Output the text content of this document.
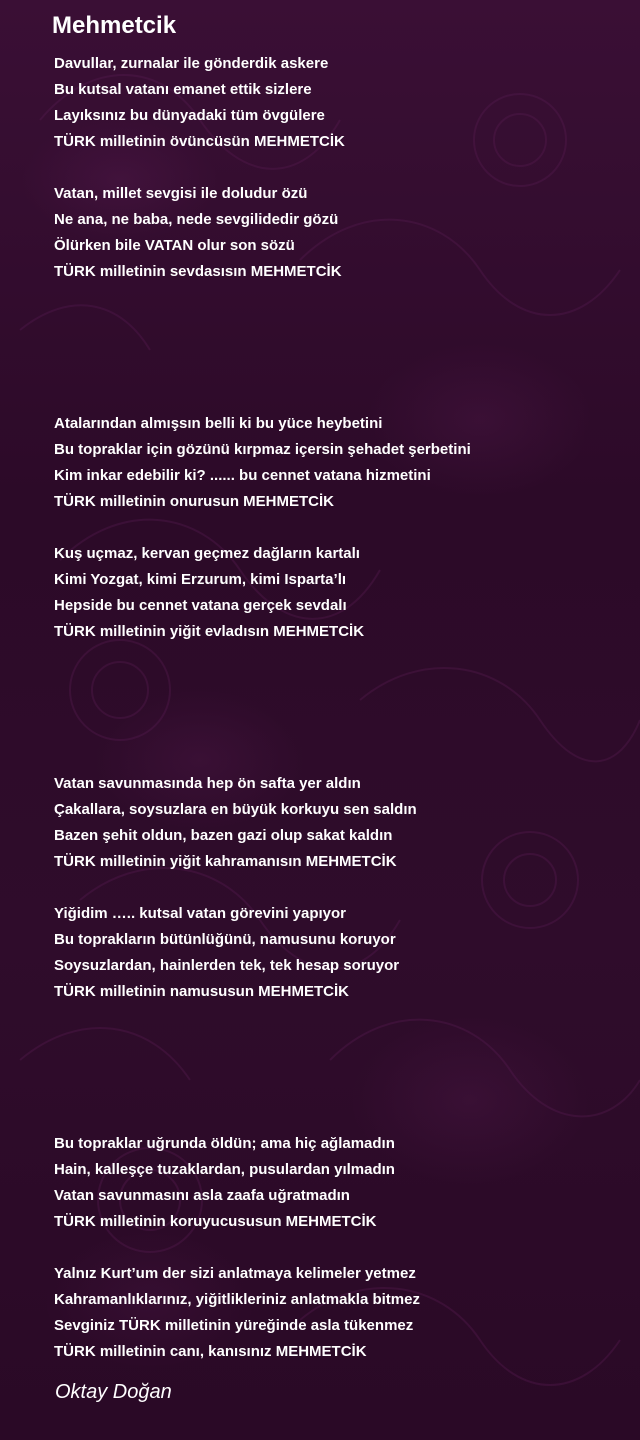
Mehmetcik
Davullar, zurnalar ile gönderdik askere
Bu kutsal vatanı emanet ettik sizlere
Layıksınız bu dünyadaki tüm övgülere
TÜRK milletinin övüncüsün MEHMETCİK
Vatan, millet sevgisi ile doludur özü
Ne ana, ne baba, nede sevgilidedir gözü
Ölürken bile VATAN olur son sözü
TÜRK milletinin sevdasısın MEHMETCİK
Atalarından almışsın belli ki bu yüce heybetini
Bu topraklar için gözünü kırpmaz içersin şehadet şerbetini
Kim inkar edebilir ki? ...... bu cennet vatana hizmetini
TÜRK milletinin onurusun MEHMETCİK
Kuş uçmaz, kervan geçmez dağların kartalı
Kimi Yozgat, kimi Erzurum, kimi Isparta’lı
Hepside bu cennet vatana gerçek sevdalı
TÜRK milletinin yiğit evladısın MEHMETCİK
Vatan savunmasında hep ön safta yer aldın
Çakallara, soysuzlara en büyük korkuyu sen saldın
Bazen şehit oldun, bazen gazi olup sakat kaldın
TÜRK milletinin yiğit kahramanısın MEHMETCİK
Yiğidim ….. kutsal vatan görevini yapıyor
Bu toprakların bütünlüğünü, namusunu koruyor
Soysuzlardan, hainlerden tek, tek hesap soruyor
TÜRK milletinin namususun MEHMETCİK
Bu topraklar uğrunda öldün; ama hiç ağlamadın
Hain, kalleşçe tuzaklardan, pusulardan yılmadın
Vatan savunmasını asla zaafa uğratmadın
TÜRK milletinin koruyucususun MEHMETCİK
Yalnız Kurt’um der sizi anlatmaya kelimeler yetmez
Kahramanlıklarınız, yiğitlikleriniz anlatmakla bitmez
Sevginiz TÜRK milletinin yüreğinde asla tükenmez
TÜRK milletinin canı, kanısınız MEHMETCİK
Oktay Doğan
